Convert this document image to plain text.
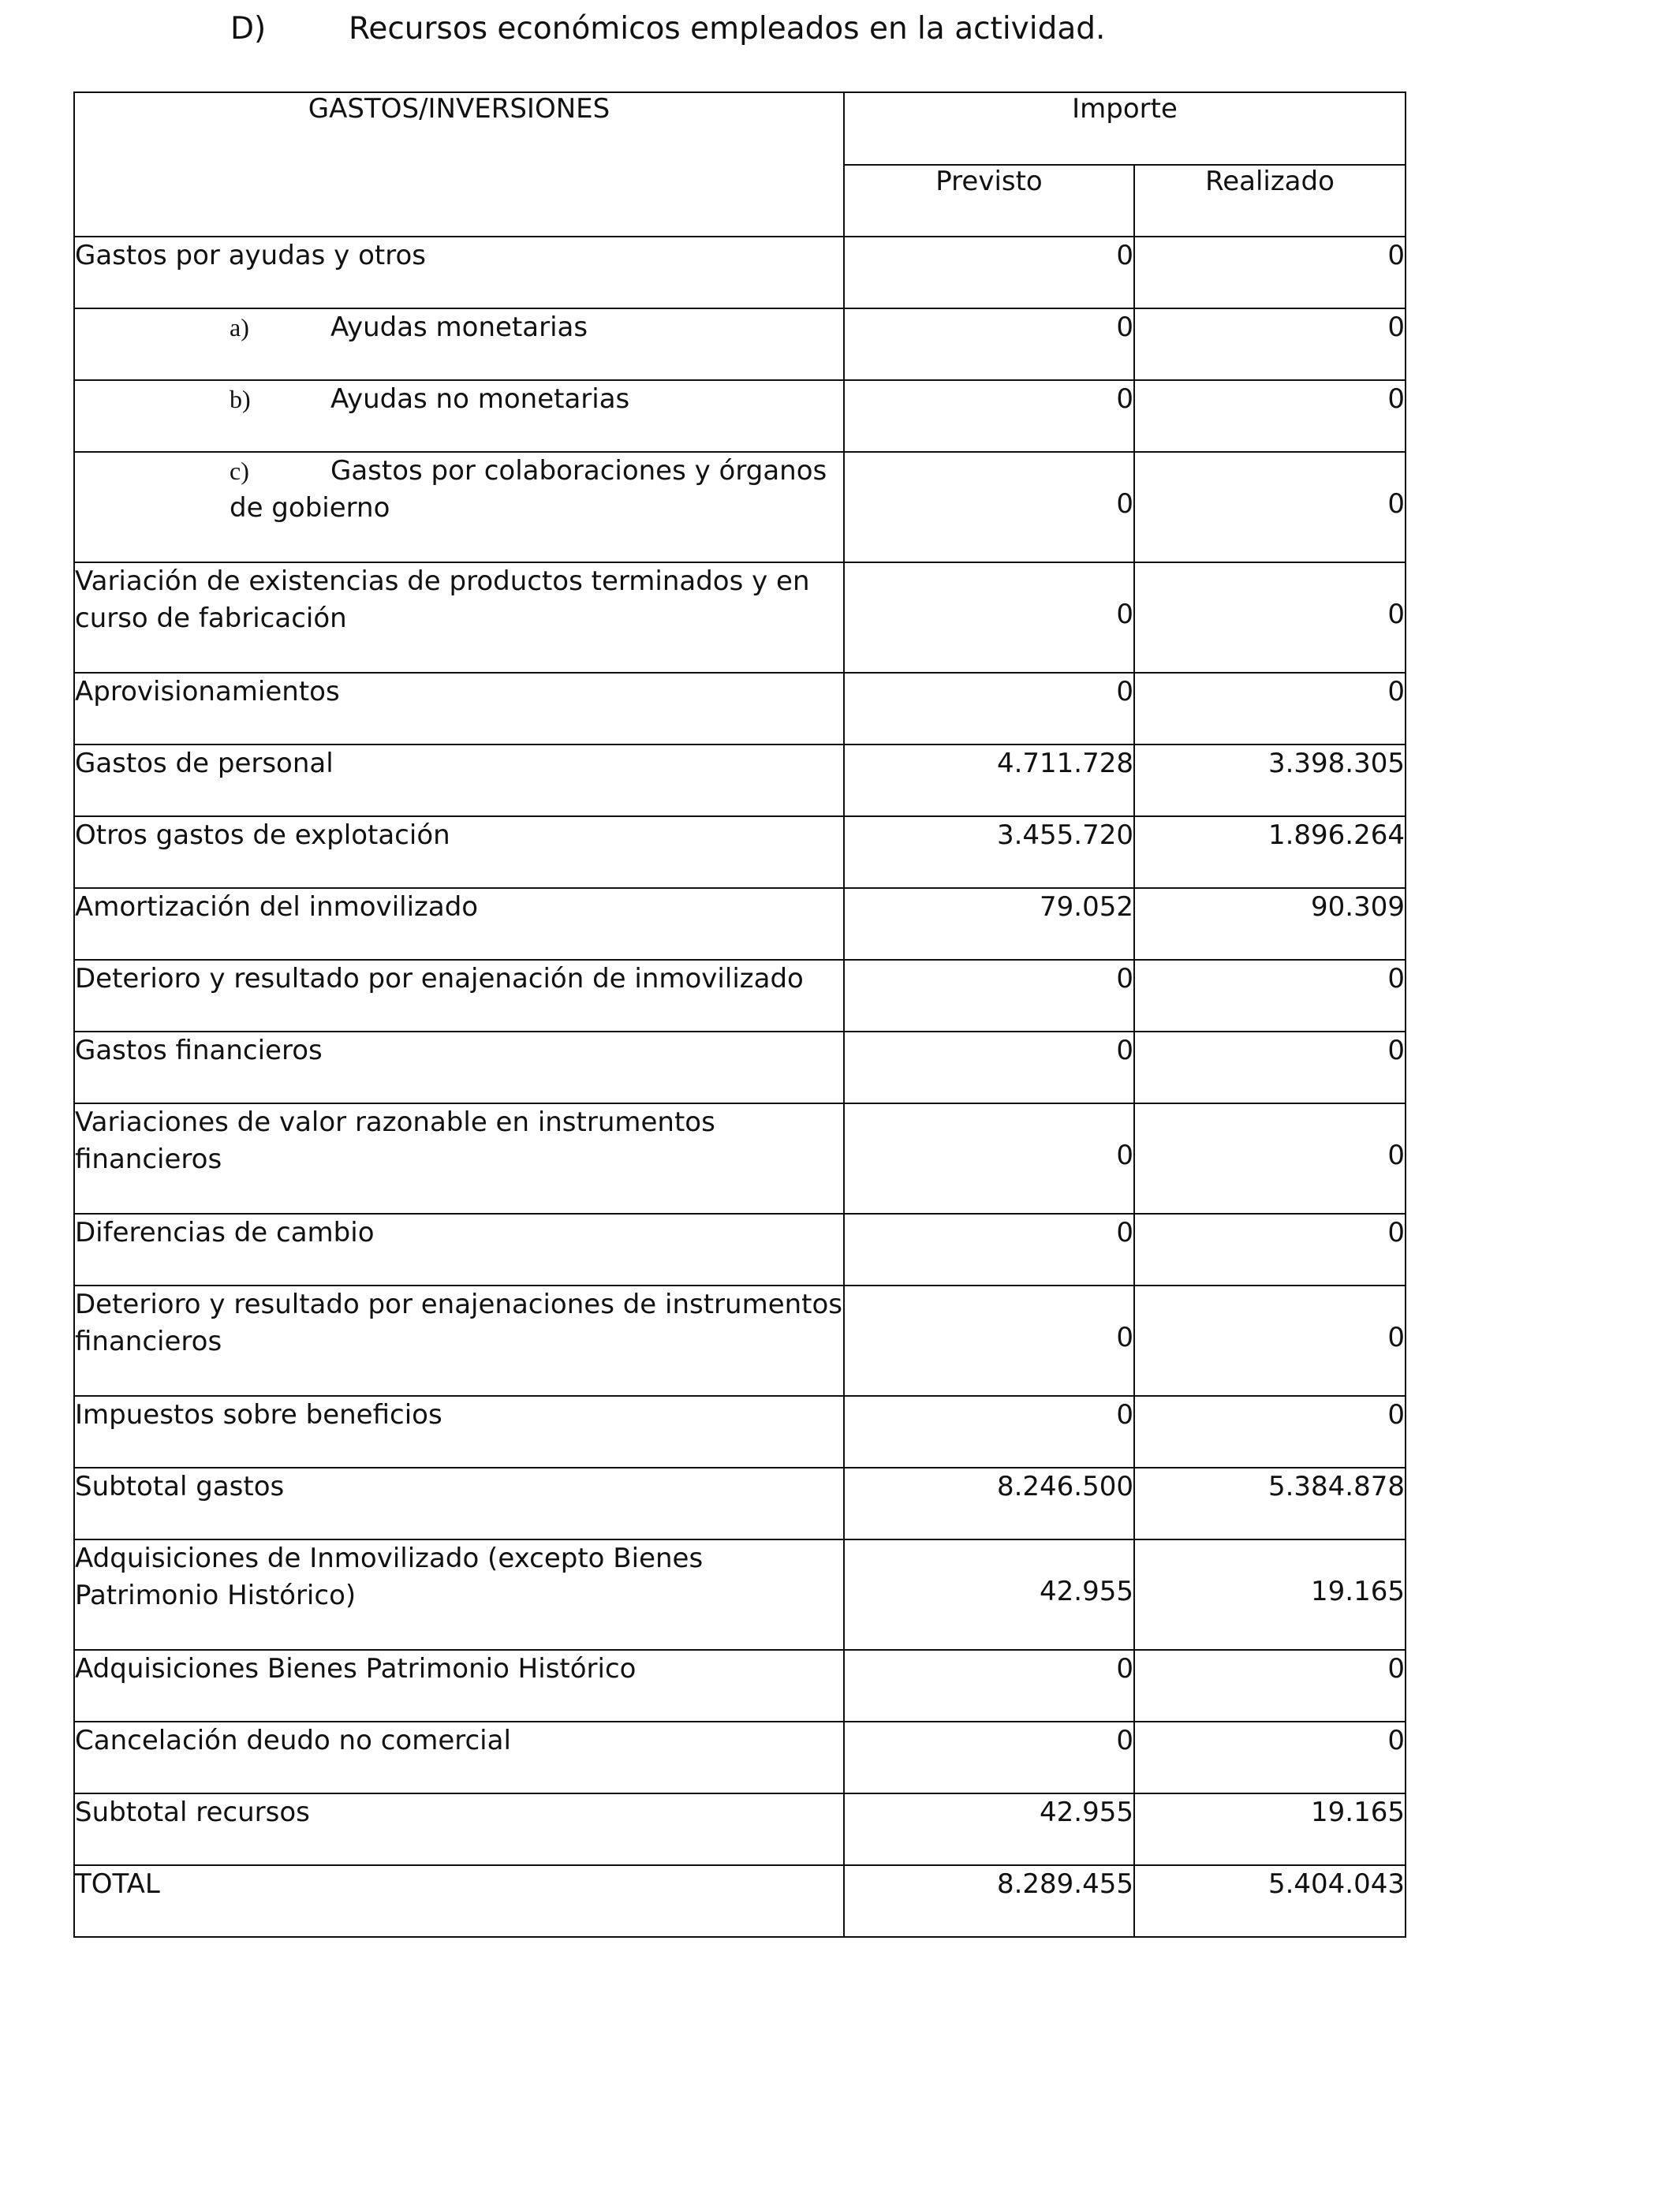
D)	Recursos económicos empleados en la actividad.
GASTOS/INVERSIONES	Importe	
	Previsto	Realizado
Gastos por ayudas y otros	0	0
a) Ayudas monetarias	0	0
b) Ayudas no monetarias	0	0
c) Gastos por colaboraciones y órganos de gobierno	0	0
Variación de existencias de productos terminados y en curso de fabricación	0	0
Aprovisionamientos	0	0
Gastos de personal	4.711.728	3.398.305
Otros gastos de explotación	3.455.720	1.896.264
Amortización del inmovilizado	79.052	90.309
Deterioro y resultado por enajenación de inmovilizado	0	0
Gastos financieros	0	0
Variaciones de valor razonable en instrumentos financieros	0	0
Diferencias de cambio	0	0
Deterioro y resultado por enajenaciones de instrumentos financieros	0	0
Impuestos sobre beneficios	0	0
Subtotal gastos	8.246.500	5.384.878
Adquisiciones de Inmovilizado (excepto Bienes Patrimonio Histórico)	42.955	19.165
Adquisiciones Bienes Patrimonio Histórico	0	0
Cancelación deudo no comercial	0	0
Subtotal recursos	42.955	19.165
TOTAL	8.289.455	5.404.043
